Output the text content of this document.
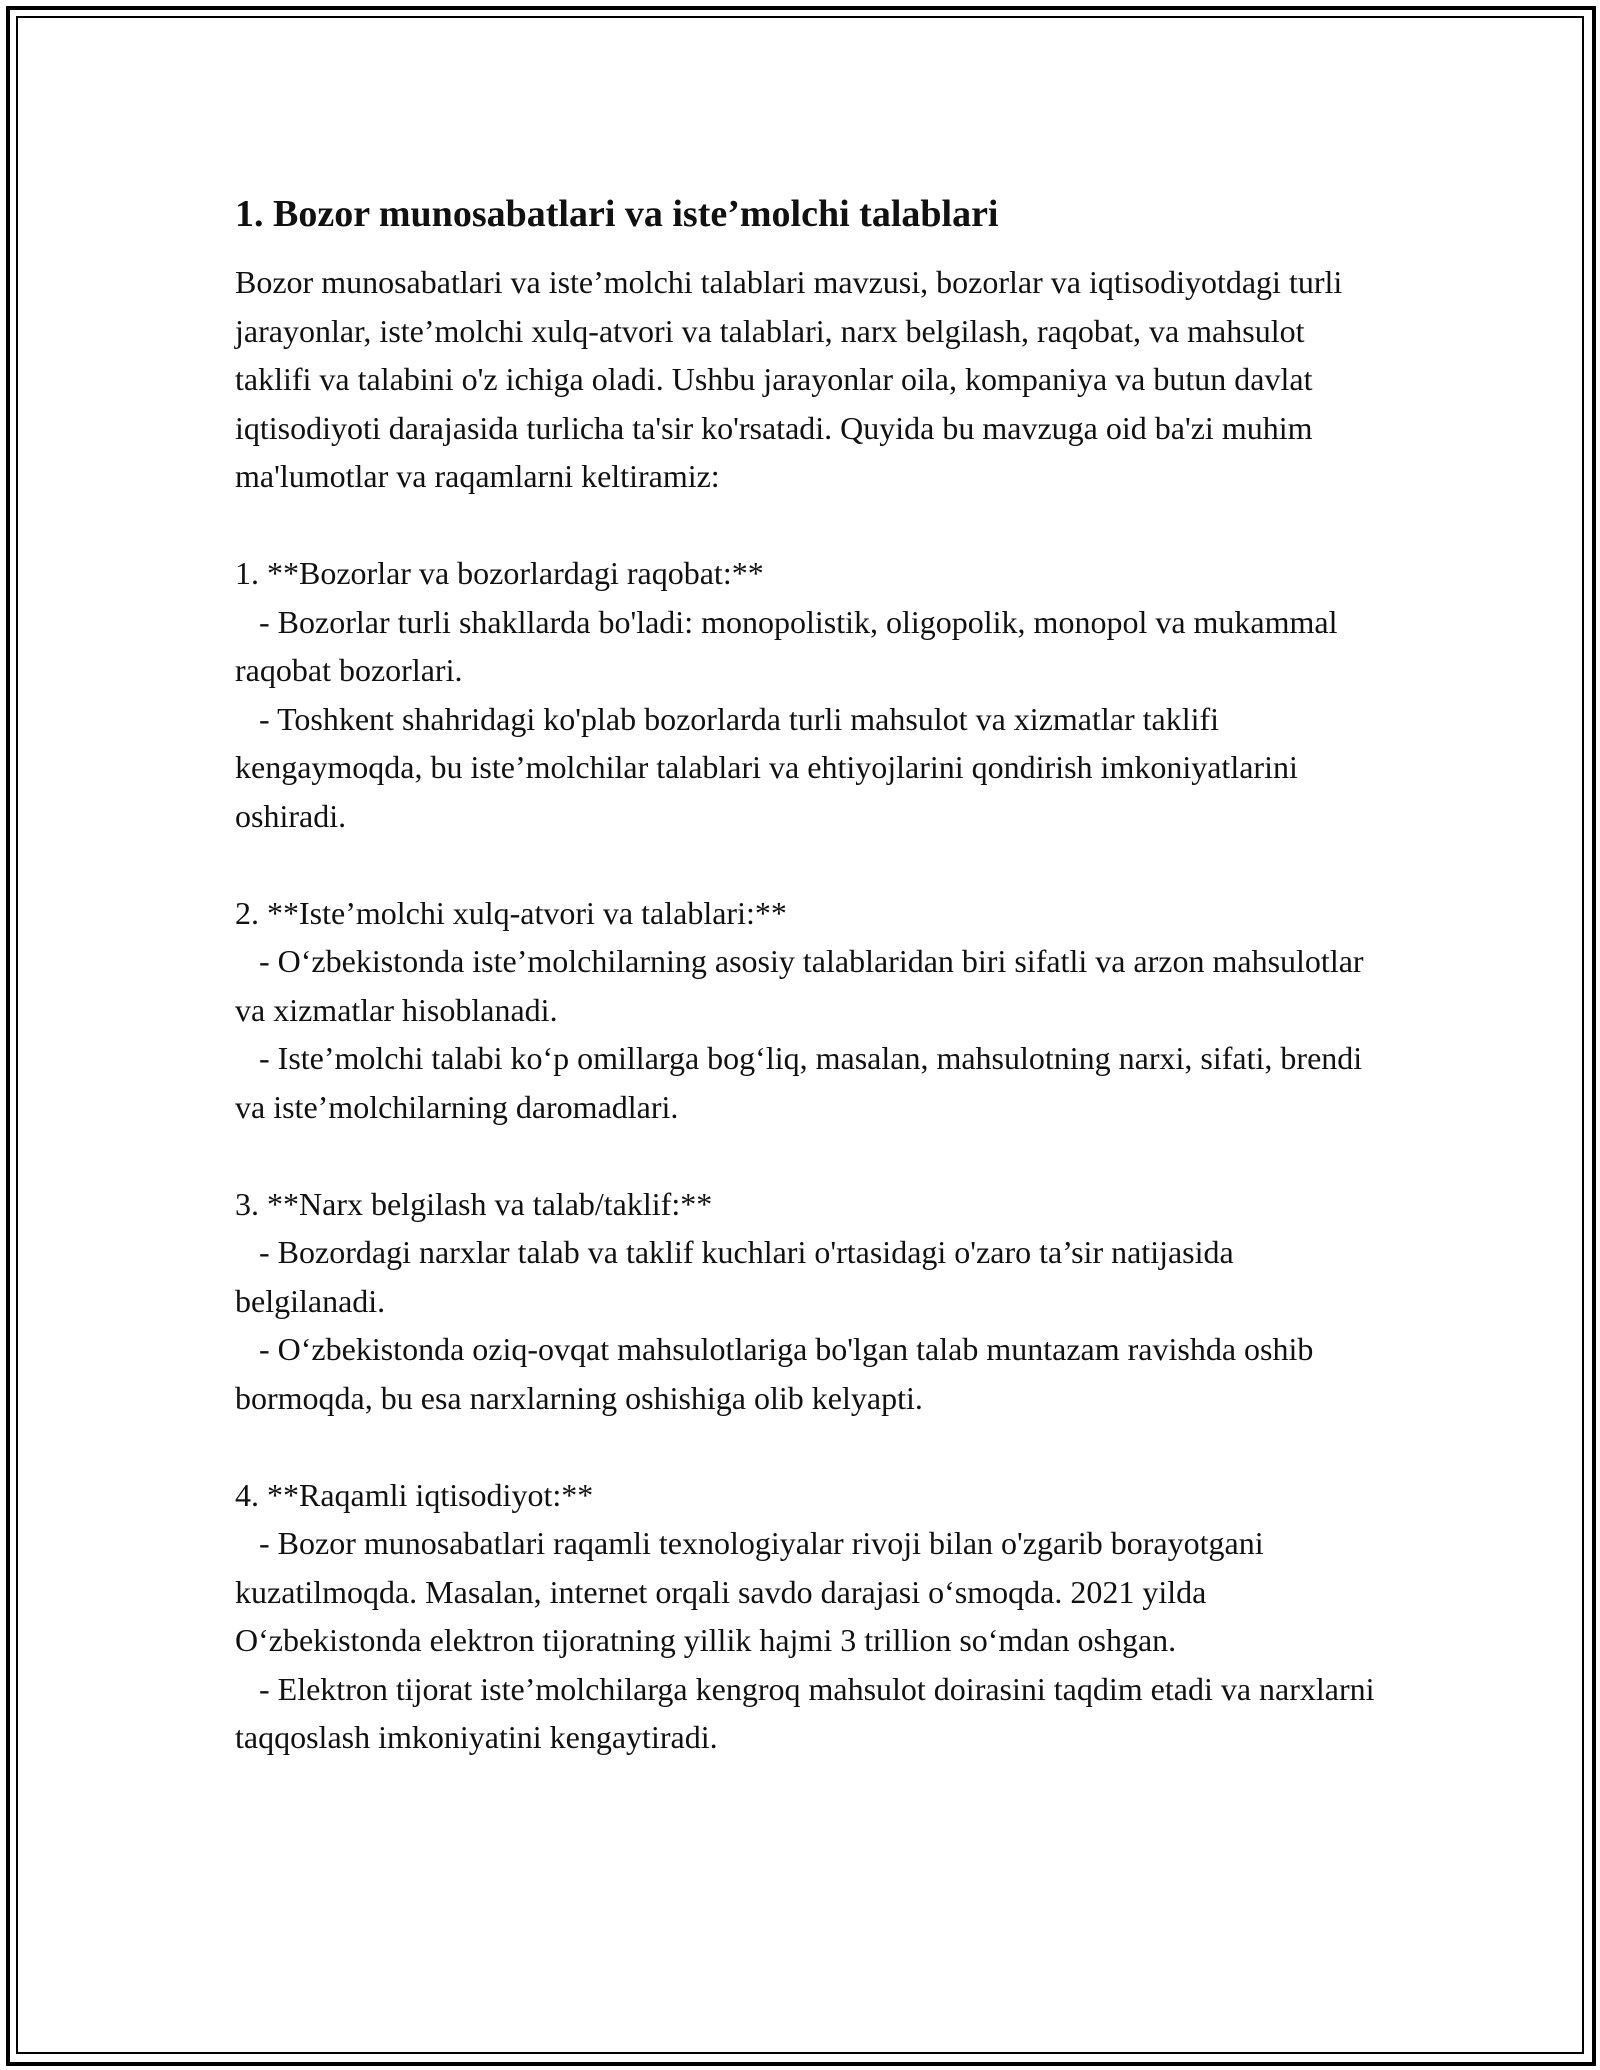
1. Bozor munosabatlari va iste’molchi talablari

Bozor munosabatlari va iste’molchi talablari mavzusi, bozorlar va iqtisodiyotdagi turli jarayonlar, iste’molchi xulq-atvori va talablari, narx belgilash, raqobat, va mahsulot taklifi va talabini o'z ichiga oladi. Ushbu jarayonlar oila, kompaniya va butun davlat iqtisodiyoti darajasida turlicha ta'sir ko'rsatadi. Quyida bu mavzuga oid ba'zi muhim ma'lumotlar va raqamlarni keltiramiz:

1. **Bozorlar va bozorlardagi raqobat:**

- Bozorlar turli shakllarda bo'ladi: monopolistik, oligopolik, monopol va mukammal raqobat bozorlari.

- Toshkent shahridagi ko'plab bozorlarda turli mahsulot va xizmatlar taklifi kengaymoqda, bu iste’molchilar talablari va ehtiyojlarini qondirish imkoniyatlarini oshiradi.

2. **Iste’molchi xulq-atvori va talablari:**

- O‘zbekistonda iste’molchilarning asosiy talablaridan biri sifatli va arzon mahsulotlar va xizmatlar hisoblanadi.

- Iste’molchi talabi ko‘p omillarga bog‘liq, masalan, mahsulotning narxi, sifati, brendi va iste’molchilarning daromadlari.

3. **Narx belgilash va talab/taklif:**

- Bozordagi narxlar talab va taklif kuchlari o'rtasidagi o'zaro ta’sir natijasida belgilanadi.

- O‘zbekistonda oziq-ovqat mahsulotlariga bo'lgan talab muntazam ravishda oshib bormoqda, bu esa narxlarning oshishiga olib kelyapti.

4. **Raqamli iqtisodiyot:**

- Bozor munosabatlari raqamli texnologiyalar rivoji bilan o'zgarib borayotgani kuzatilmoqda. Masalan, internet orqali savdo darajasi o‘smoqda. 2021 yilda O‘zbekistonda elektron tijoratning yillik hajmi 3 trillion so‘mdan oshgan.

- Elektron tijorat iste’molchilarga kengroq mahsulot doirasini taqdim etadi va narxlarni taqqoslash imkoniyatini kengaytiradi.
